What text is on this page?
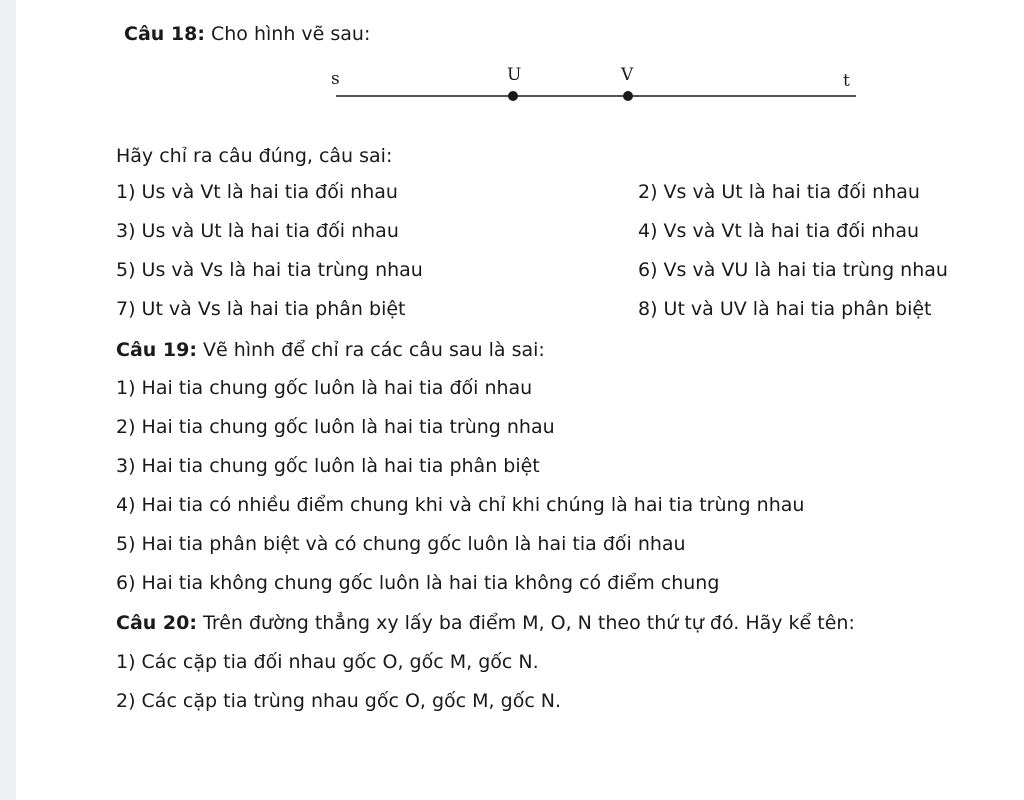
Câu 18: Cho hình vẽ sau:
s	U	V	t
Hãy chỉ ra câu đúng, câu sai:
1) Us và Vt là hai tia đối nhau	2) Vs và Ut là hai tia đối nhau
3) Us và Ut là hai tia đối nhau	4) Vs và Vt là hai tia đối nhau
5) Us và Vs là hai tia trùng nhau	6) Vs và VU là hai tia trùng nhau
7) Ut và Vs là hai tia phân biệt	8) Ut và UV là hai tia phân biệt
Câu 19: Vẽ hình để chỉ ra các câu sau là sai:
1) Hai tia chung gốc luôn là hai tia đối nhau
2) Hai tia chung gốc luôn là hai tia trùng nhau
3) Hai tia chung gốc luôn là hai tia phân biệt
4) Hai tia có nhiều điểm chung khi và chỉ khi chúng là hai tia trùng nhau
5) Hai tia phân biệt và có chung gốc luôn là hai tia đối nhau
6) Hai tia không chung gốc luôn là hai tia không có điểm chung
Câu 20: Trên đường thẳng xy lấy ba điểm M, O, N theo thứ tự đó. Hãy kể tên:
1) Các cặp tia đối nhau gốc O, gốc M, gốc N.
2) Các cặp tia trùng nhau gốc O, gốc M, gốc N.
